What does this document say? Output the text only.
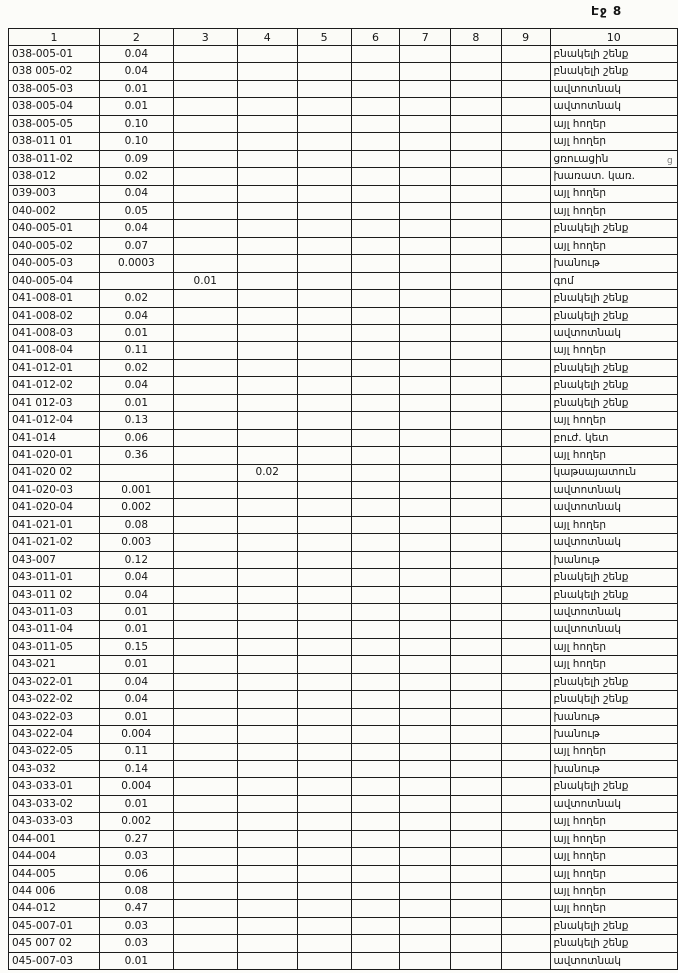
Էջ 8
ց
1	2	3	4	5	6	7	8	9	10
038-005-01	0.04								բնակելի շենք
038 005-02	0.04								բնակելի շենք
038-005-03	0.01								ավտոտնակ
038-005-04	0.01								ավտոտնակ
038-005-05	0.10								այլ հողեր
038-011 01	0.10								այլ հողեր
038-011-02	0.09								ցռուացին
038-012	0.02								խառատ. կառ.
039-003	0.04								այլ հողեր
040-002	0.05								այլ հողեր
040-005-01	0.04								բնակելի շենք
040-005-02	0.07								այլ հողեր
040-005-03	0.0003								խանութ
040-005-04		0.01							գոմ
041-008-01	0.02								բնակելի շենք
041-008-02	0.04								բնակելի շենք
041-008-03	0.01								ավտոտնակ
041-008-04	0.11								այլ հողեր
041-012-01	0.02								բնակելի շենք
041-012-02	0.04								բնակելի շենք
041 012-03	0.01								բնակելի շենք
041-012-04	0.13								այլ հողեր
041-014	0.06								բուժ. կետ
041-020-01	0.36								այլ հողեր
041-020 02			0.02						կաթսայատուն
041-020-03	0.001								ավտոտնակ
041-020-04	0.002								ավտոտնակ
041-021-01	0.08								այլ հողեր
041-021-02	0.003								ավտոտնակ
043-007	0.12								խանութ
043-011-01	0.04								բնակելի շենք
043-011 02	0.04								բնակելի շենք
043-011-03	0.01								ավտոտնակ
043-011-04	0.01								ավտոտնակ
043-011-05	0.15								այլ հողեր
043-021	0.01								այլ հողեր
043-022-01	0.04								բնակելի շենք
043-022-02	0.04								բնակելի շենք
043-022-03	0.01								խանութ
043-022-04	0.004								խանութ
043-022-05	0.11								այլ հողեր
043-032	0.14								խանութ
043-033-01	0.004								բնակելի շենք
043-033-02	0.01								ավտոտնակ
043-033-03	0.002								այլ հողեր
044-001	0.27								այլ հողեր
044-004	0.03								այլ հողեր
044-005	0.06								այլ հողեր
044 006	0.08								այլ հողեր
044-012	0.47								այլ հողեր
045-007-01	0.03								բնակելի շենք
045 007 02	0.03								բնակելի շենք
045-007-03	0.01								ավտոտնակ
